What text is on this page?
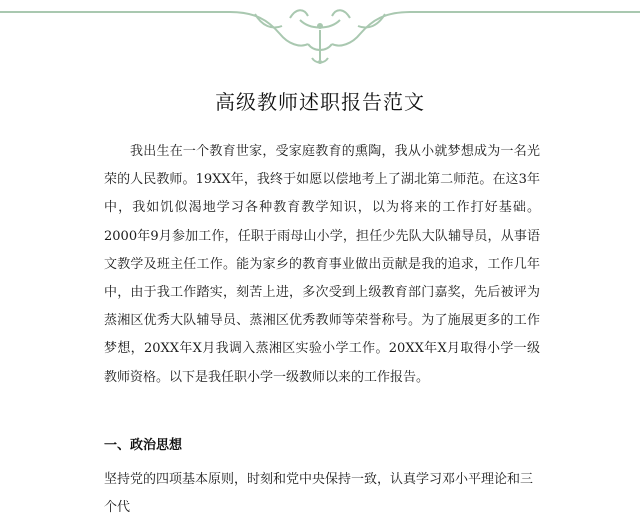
高级教师述职报告范文

我出生在一个教育世家，受家庭教育的熏陶，我从小就梦想成为一名光荣的人民教师。19XX年，我终于如愿以偿地考上了湖北第二师范。在这3年中，我如饥似渴地学习各种教育教学知识，以为将来的工作打好基础。2000年9月参加工作，任职于雨母山小学，担任少先队大队辅导员，从事语文教学及班主任工作。能为家乡的教育事业做出贡献是我的追求，工作几年中，由于我工作踏实，刻苦上进，多次受到上级教育部门嘉奖，先后被评为蒸湘区优秀大队辅导员、蒸湘区优秀教师等荣誉称号。为了施展更多的工作梦想，20XX年X月我调入蒸湘区实验小学工作。20XX年X月取得小学一级教师资格。以下是我任职小学一级教师以来的工作报告。

一、政治思想
坚持党的四项基本原则，时刻和党中央保持一致，认真学习邓小平理论和三个代
